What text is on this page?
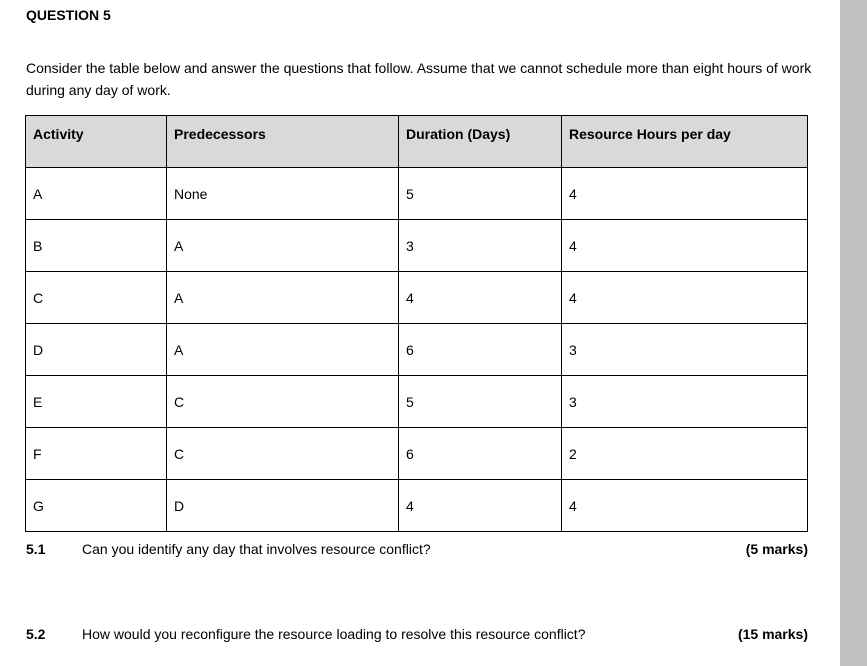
QUESTION 5
Consider the table below and answer the questions that follow. Assume that we cannot schedule more than eight hours of work during any day of work.
Activity	Predecessors	Duration (Days)	Resource Hours per day
A	None	5	4
B	A	3	4
C	A	4	4
D	A	6	3
E	C	5	3
F	C	6	2
G	D	4	4
5.1	Can you identify any day that involves resource conflict?	(5 marks)
5.2	How would you reconfigure the resource loading to resolve this resource conflict?	(15 marks)
